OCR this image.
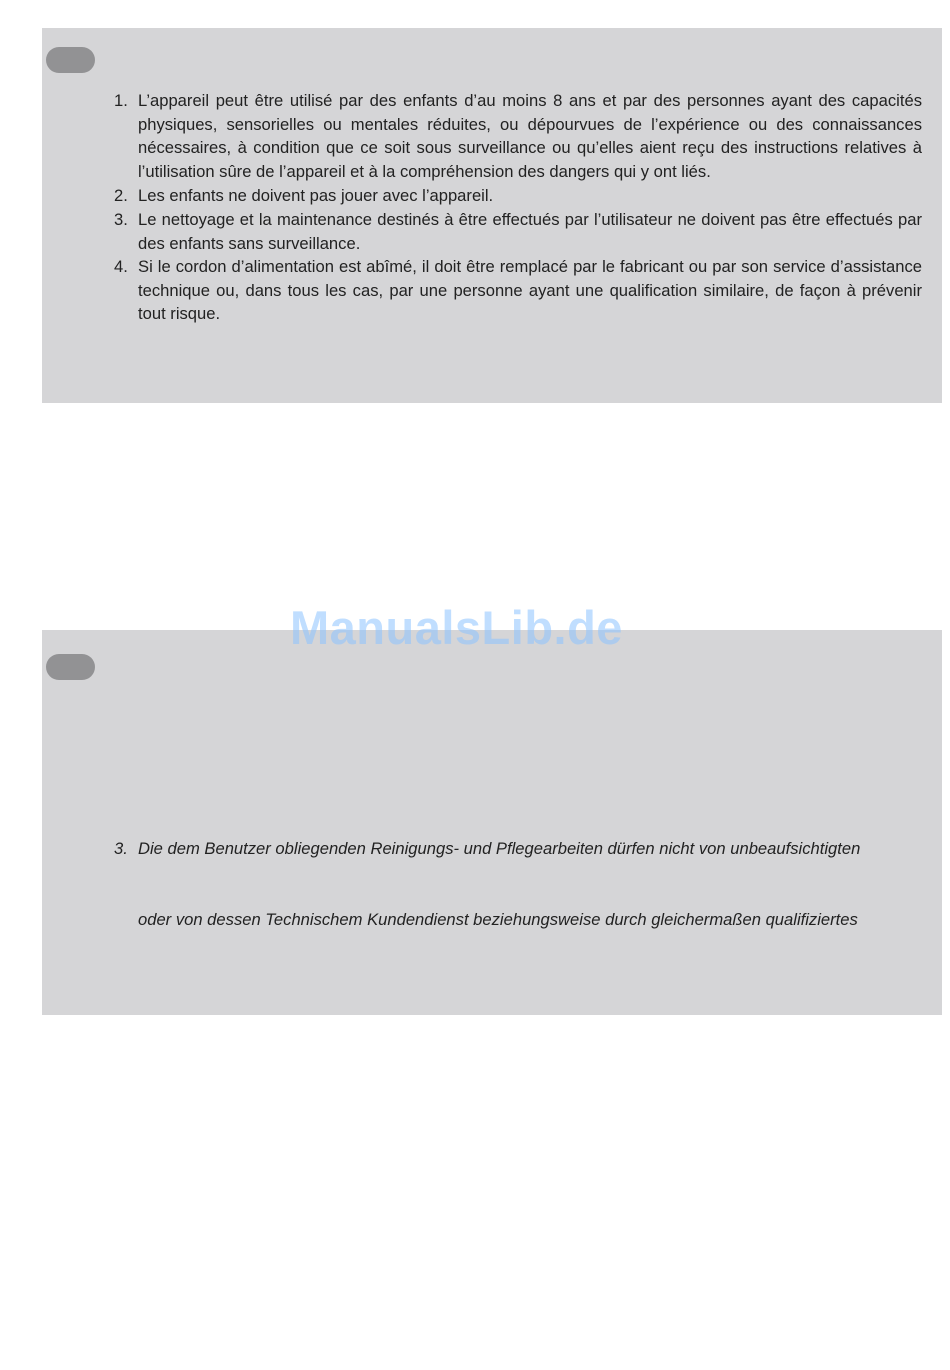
1. L’appareil peut être utilisé par des enfants d’au moins 8 ans et par des personnes ayant des capacités physiques, sensorielles ou mentales réduites, ou dépourvues de l’expérience ou des connaissances nécessaires, à condition que ce soit sous surveillance ou qu’elles aient reçu des instructions relatives à l’utilisation sûre de l’appareil et à la compréhension des dangers qui y ont liés.
2. Les enfants ne doivent pas jouer avec l’appareil.
3. Le nettoyage et la maintenance destinés à être effectués par l’utilisateur ne doivent pas être effectués par des enfants sans surveillance.
4. Si le cordon d’alimentation est abîmé, il doit être remplacé par le fabricant ou par son service d’assistance technique ou, dans tous les cas, par une personne ayant une qualification similaire, de façon à prévenir tout risque.
3. Die dem Benutzer obliegenden Reinigungs- und Pflegearbeiten dürfen nicht von unbeaufsichtigten
oder von dessen Technischem Kundendienst beziehungsweise durch gleichermaßen qualifiziertes
ManualsLib.de
